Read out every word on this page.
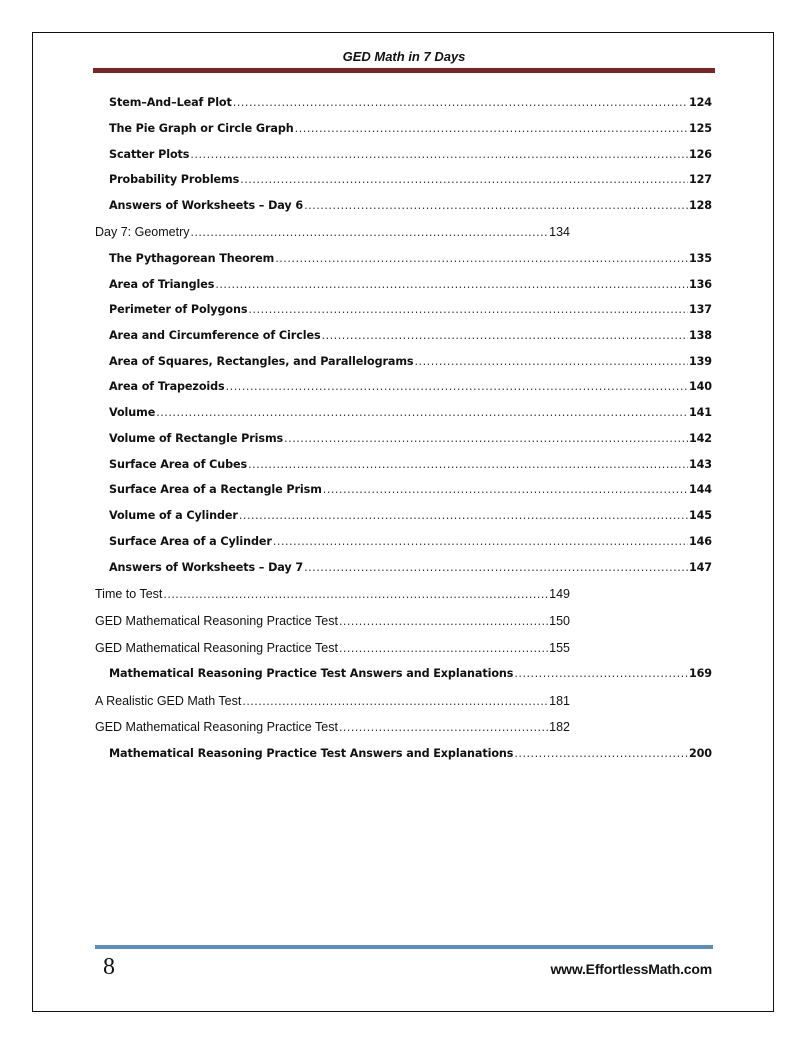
GED Math in 7 Days
Stem–And–Leaf Plot .....	124
The Pie Graph or Circle Graph .....	125
Scatter Plots .....	126
Probability Problems .....	127
Answers of Worksheets – Day 6 .....	128
Day 7: Geometry .....	134
The Pythagorean Theorem .....	135
Area of Triangles .....	136
Perimeter of Polygons .....	137
Area and Circumference of Circles .....	138
Area of Squares, Rectangles, and Parallelograms .....	139
Area of Trapezoids .....	140
Volume .....	141
Volume of Rectangle Prisms .....	142
Surface Area of Cubes .....	143
Surface Area of a Rectangle Prism .....	144
Volume of a Cylinder .....	145
Surface Area of a Cylinder .....	146
Answers of Worksheets – Day 7 .....	147
Time to Test .....	149
GED Mathematical Reasoning Practice Test .....	150
GED Mathematical Reasoning Practice Test .....	155
Mathematical Reasoning Practice Test Answers and Explanations .....	169
A Realistic GED Math Test .....	181
GED Mathematical Reasoning Practice Test .....	182
Mathematical Reasoning Practice Test Answers and Explanations .....	200
8	www.EffortlessMath.com
